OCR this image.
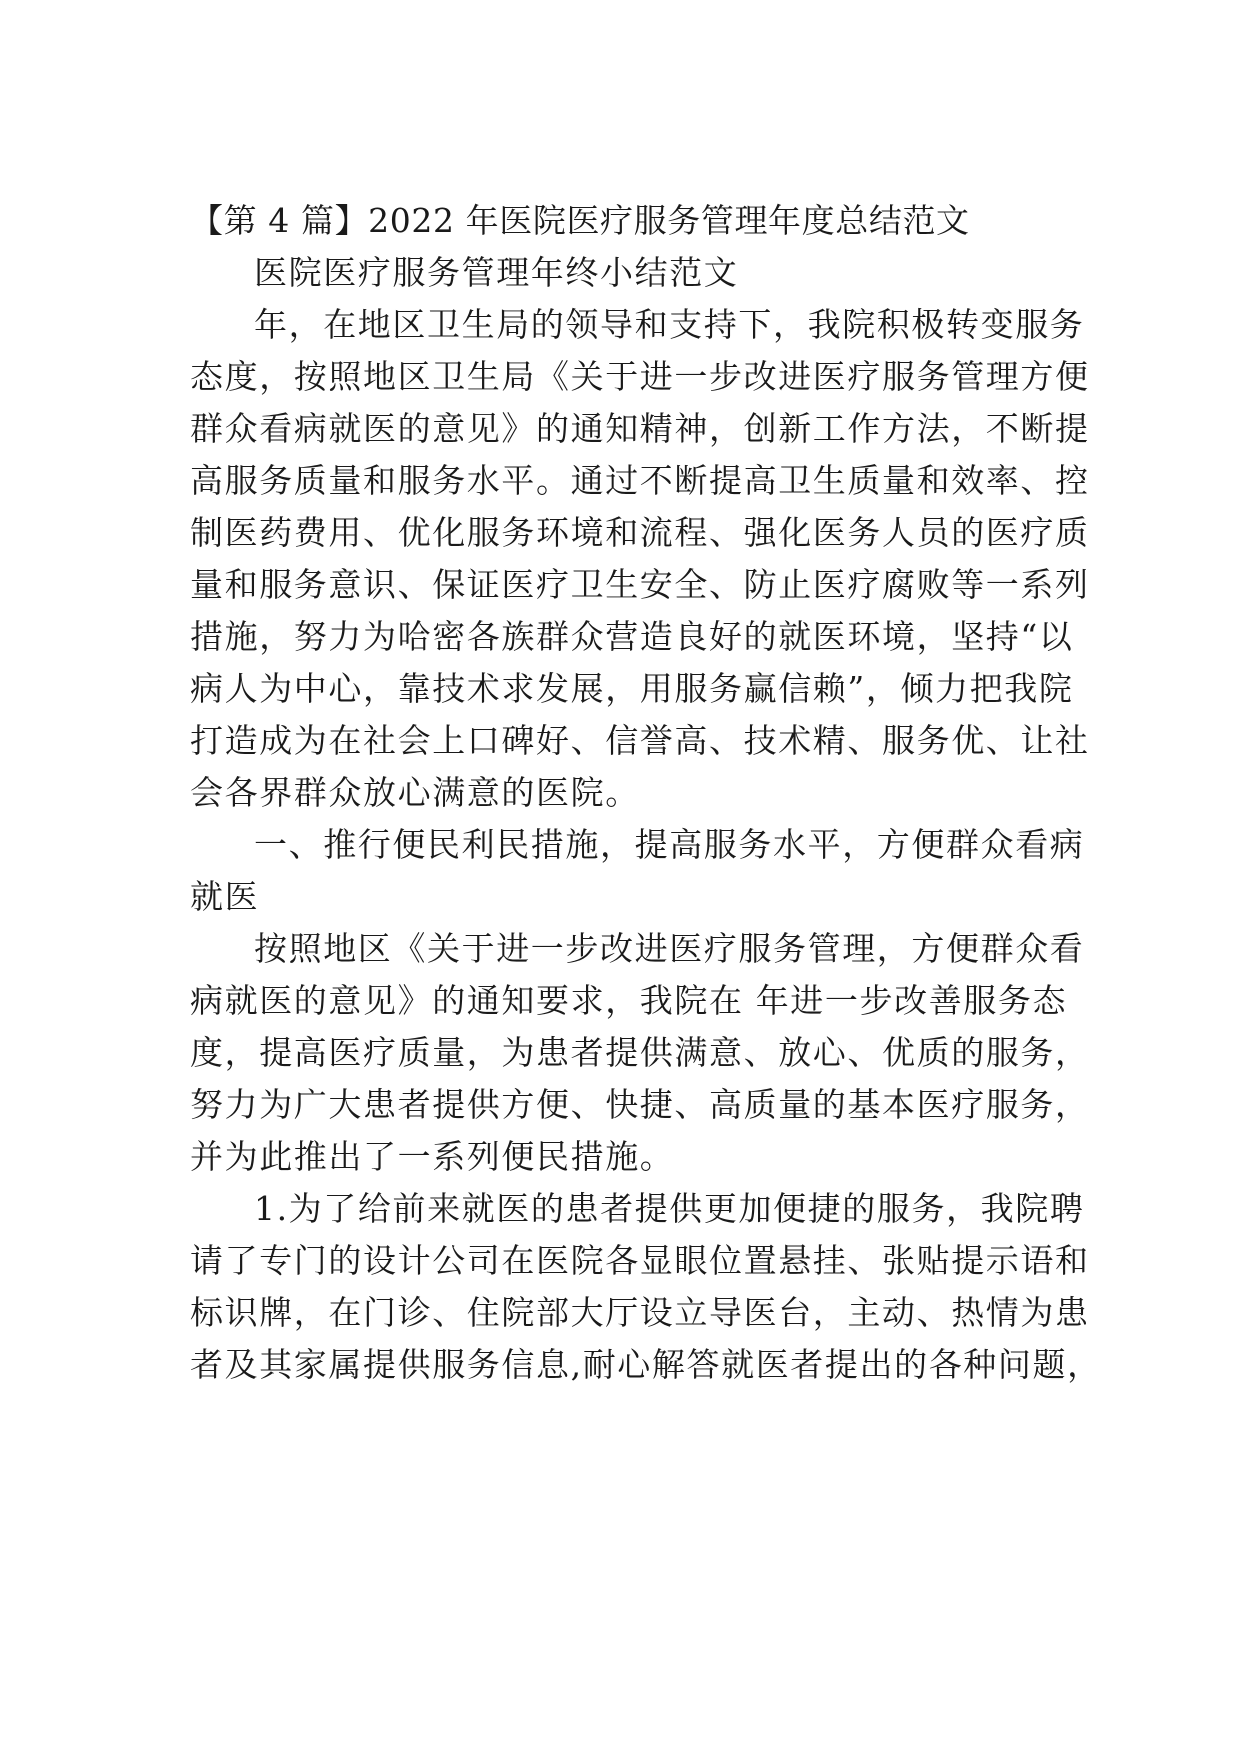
【第 4 篇】2022 年医院医疗服务管理年度总结范文
医院医疗服务管理年终小结范文
年，在地区卫生局的领导和支持下，我院积极转变服务
态度，按照地区卫生局《关于进一步改进医疗服务管理方便
群众看病就医的意见》的通知精神，创新工作方法，不断提
高服务质量和服务水平。通过不断提高卫生质量和效率、控
制医药费用、优化服务环境和流程、强化医务人员的医疗质
量和服务意识、保证医疗卫生安全、防止医疗腐败等一系列
措施，努力为哈密各族群众营造良好的就医环境，坚持“以
病人为中心，靠技术求发展，用服务赢信赖”，倾力把我院
打造成为在社会上口碑好、信誉高、技术精、服务优、让社
会各界群众放心满意的医院。
一、推行便民利民措施，提高服务水平，方便群众看病
就医
按照地区《关于进一步改进医疗服务管理，方便群众看
病就医的意见》的通知要求，我院在 年进一步改善服务态
度，提高医疗质量，为患者提供满意、放心、优质的服务，
努力为广大患者提供方便、快捷、高质量的基本医疗服务，
并为此推出了一系列便民措施。
1.为了给前来就医的患者提供更加便捷的服务，我院聘
请了专门的设计公司在医院各显眼位置悬挂、张贴提示语和
标识牌，在门诊、住院部大厅设立导医台，主动、热情为患
者及其家属提供服务信息,耐心解答就医者提出的各种问题，
